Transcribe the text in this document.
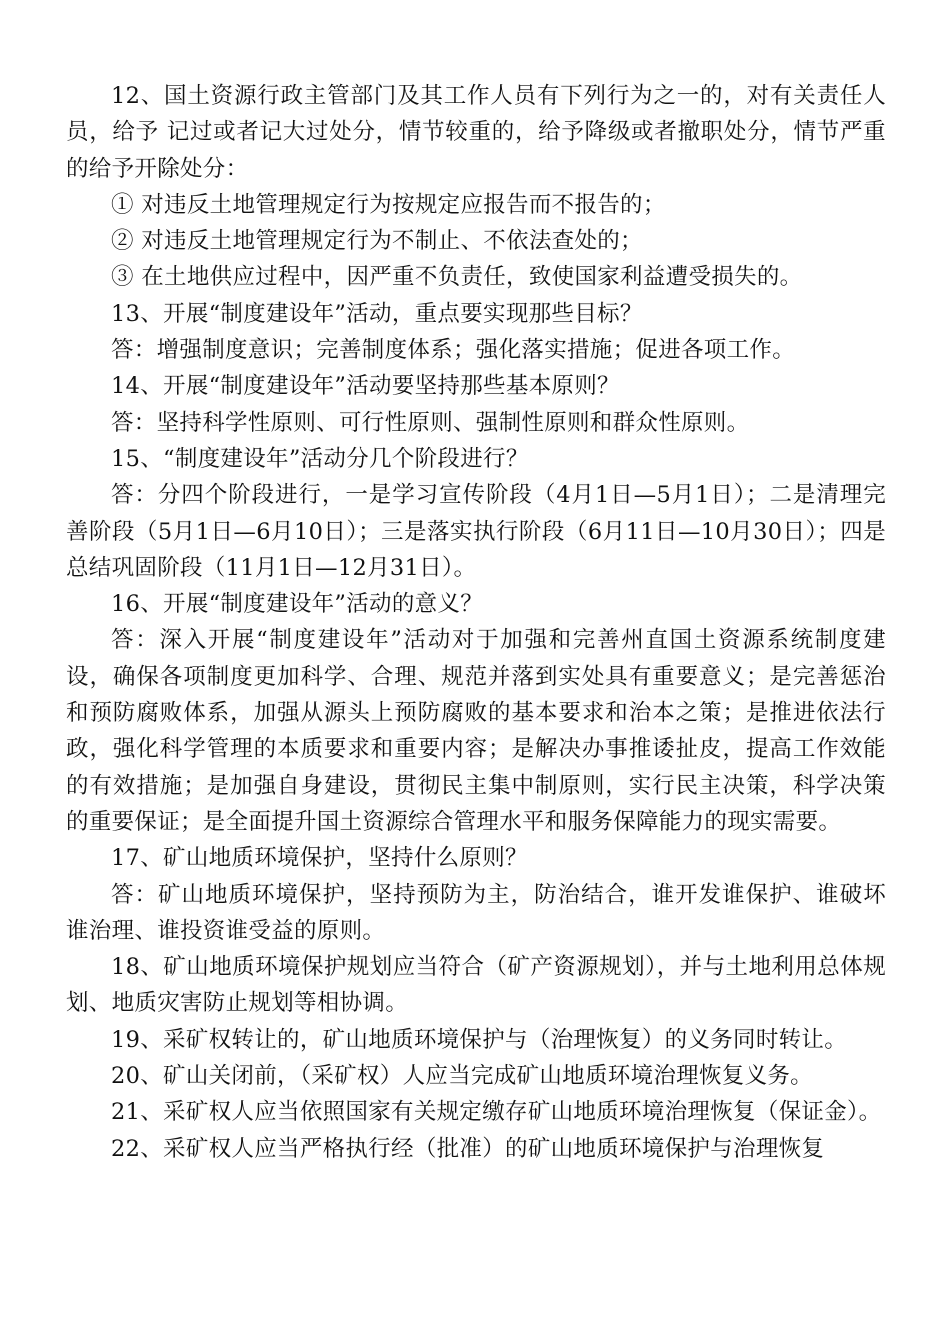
12、国土资源行政主管部门及其工作人员有下列行为之一的，对有关责任人员，给予 记过或者记大过处分，情节较重的，给予降级或者撤职处分，情节严重的给予开除处分：

① 对违反土地管理规定行为按规定应报告而不报告的；

② 对违反土地管理规定行为不制止、不依法查处的；

③ 在土地供应过程中，因严重不负责任，致使国家利益遭受损失的。

13、开展“制度建设年”活动，重点要实现那些目标？

答：增强制度意识；完善制度体系；强化落实措施；促进各项工作。

14、开展“制度建设年”活动要坚持那些基本原则？

答：坚持科学性原则、可行性原则、强制性原则和群众性原则。

15、“制度建设年”活动分几个阶段进行？

答：分四个阶段进行，一是学习宣传阶段（4月1日—5月1日）；二是清理完善阶段（5月1日—6月10日）；三是落实执行阶段（6月11日—10月30日）；四是总结巩固阶段（11月1日—12月31日）。

16、开展“制度建设年”活动的意义？

答：深入开展“制度建设年”活动对于加强和完善州直国土资源系统制度建设，确保各项制度更加科学、合理、规范并落到实处具有重要意义；是完善惩治和预防腐败体系，加强从源头上预防腐败的基本要求和治本之策；是推进依法行政，强化科学管理的本质要求和重要内容；是解决办事推诿扯皮，提高工作效能的有效措施；是加强自身建设，贯彻民主集中制原则，实行民主决策，科学决策的重要保证；是全面提升国土资源综合管理水平和服务保障能力的现实需要。

17、矿山地质环境保护，坚持什么原则？

答：矿山地质环境保护，坚持预防为主，防治结合，谁开发谁保护、谁破坏谁治理、谁投资谁受益的原则。

18、矿山地质环境保护规划应当符合（矿产资源规划），并与土地利用总体规划、地质灾害防止规划等相协调。

19、采矿权转让的，矿山地质环境保护与（治理恢复）的义务同时转让。

20、矿山关闭前，（采矿权）人应当完成矿山地质环境治理恢复义务。

21、采矿权人应当依照国家有关规定缴存矿山地质环境治理恢复（保证金）。

22、采矿权人应当严格执行经（批准）的矿山地质环境保护与治理恢复
